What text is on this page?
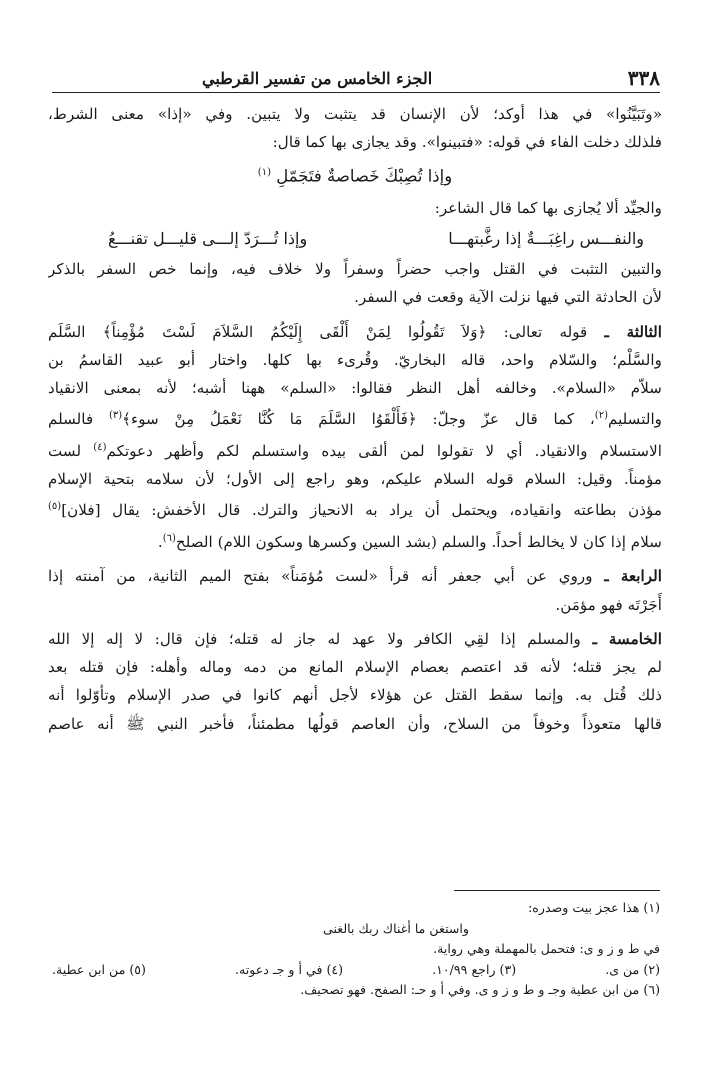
٣٣٨
الجزء الخامس من تفسير القرطبي
«وتَبَيَّنُوا» في هذا أوكد؛ لأن الإنسان قد يتثبت ولا يتبين. وفي «إذا» معنى الشرط،
فلذلك دخلت الفاء في قوله: «فتبينوا». وقد يجازى بها كما قال:
وإذا تُصِبْكَ خَصاصةٌ فتَجَمّلِ $^{(١)}$
والجيِّد ألا يُجازى بها كما قال الشاعر:
والنفـــس راغِبَـــةٌ إذا رغَّبتهـــا
وإذا تُـــرَدّ إلـــى قليـــل تقنـــعُ
والتبين التثبت في القتل واجب حضراً وسفراً ولا خلاف فيه، وإنما خص السفر بالذكر
لأن الحادثة التي فيها نزلت الآية وقعت في السفر.
الثالثة ـ قوله تعالى: ﴿وَلاَ تَقُولُوا لِمَنْ أَلْقَى إِلَيْكُمُ السَّلاَمَ لَسْتَ مُؤْمِناً﴾ السَّلَم
والسَّلْم؛ والسّلام واحد، قاله البخاريّ. وقُرىء بها كلها. واختار أبو عبيد القاسمُ بن
سلاّم «السلام». وخالفه أهل النظر فقالوا: «السلم» ههنا أشبه؛ لأنه بمعنى الانقياد
والتسليم$^{(٢)}$، كما قال عزّ وجلّ: ﴿فَأَلْقَوُا السَّلَمَ مَا كُنَّا نَعْمَلُ مِنْ سوء﴾$^{(٣)}$ فالسلم
الاستسلام والانقياد. أي لا تقولوا لمن ألقى بيده واستسلم لكم وأظهر دعوتكم$^{(٤)}$ لست
مؤمناً. وقيل: السلام قوله السلام عليكم، وهو راجع إلى الأول؛ لأن سلامه بتحية الإسلام
مؤذن بطاعته وانقياده، ويحتمل أن يراد به الانحياز والترك. قال الأخفش: يقال [فلان]$^{(٥)}$
سلام إذا كان لا يخالط أحداً. والسلم (بشد السين وكسرها وسكون اللام) الصلح$^{(٦)}$.
الرابعة ـ وروي عن أبي جعفر أنه قرأ «لست مُؤمَناً» بفتح الميم الثانية، من آمنته إذا
أَجَرْتَه فهو مؤمَن.
الخامسة ـ والمسلم إذا لقِي الكافر ولا عهد له جاز له قتله؛ فإن قال: لا إله إلا الله
لم يجز قتله؛ لأنه قد اعتصم بعصام الإسلام المانع من دمه وماله وأهله: فإن قتله بعد
ذلك قُتل به. وإنما سقط القتل عن هؤلاء لأجل أنهم كانوا في صدر الإسلام وتأوّلوا أنه
قالها متعوذاً وخوفاً من السلاح، وأن العاصم قولُها مطمئناً، فأخبر النبي ﷺ أنه عاصم
(١) هذا عجز بيت وصدره:
واستغن ما أغناك ربك بالغنى
في ط و ز و ى: فتحمل بالمهملة وهي رواية.
(٢) من ى.
(٣) راجع ١٠/٩٩.
(٤) في أ و جـ دعوته.
(٥) من ابن عطية.
(٦) من ابن عطية وجـ و ط و ز و ى. وفي أ و حـ: الصفح. فهو تصحيف.
